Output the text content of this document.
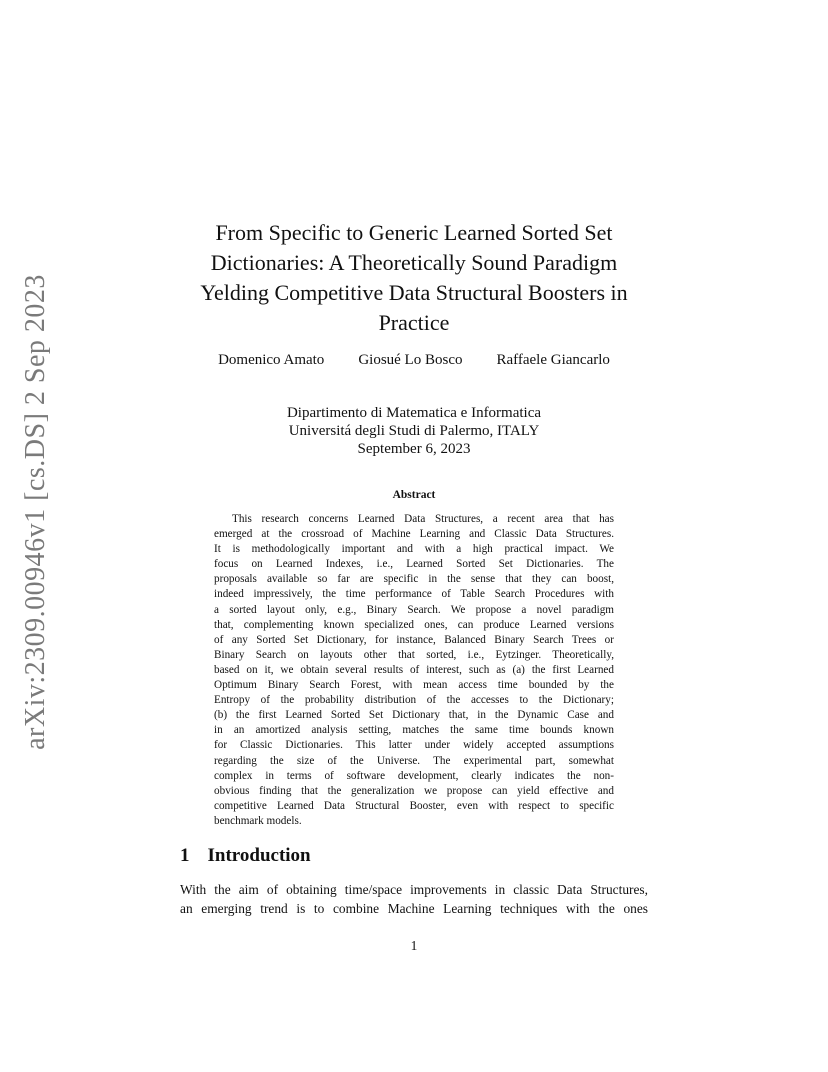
arXiv:2309.00946v1 [cs.DS] 2 Sep 2023
From Specific to Generic Learned Sorted Set
Dictionaries: A Theoretically Sound Paradigm
Yelding Competitive Data Structural Boosters in
Practice
Domenico Amato Giosué Lo Bosco Raffaele Giancarlo
Dipartimento di Matematica e Informatica
Universitá degli Studi di Palermo, ITALY
September 6, 2023
Abstract
This research concerns Learned Data Structures, a recent area that has
emerged at the crossroad of Machine Learning and Classic Data Structures.
It is methodologically important and with a high practical impact. We
focus on Learned Indexes, i.e., Learned Sorted Set Dictionaries. The
proposals available so far are specific in the sense that they can boost,
indeed impressively, the time performance of Table Search Procedures with
a sorted layout only, e.g., Binary Search. We propose a novel paradigm
that, complementing known specialized ones, can produce Learned versions
of any Sorted Set Dictionary, for instance, Balanced Binary Search Trees or
Binary Search on layouts other that sorted, i.e., Eytzinger. Theoretically,
based on it, we obtain several results of interest, such as (a) the first Learned
Optimum Binary Search Forest, with mean access time bounded by the
Entropy of the probability distribution of the accesses to the Dictionary;
(b) the first Learned Sorted Set Dictionary that, in the Dynamic Case and
in an amortized analysis setting, matches the same time bounds known
for Classic Dictionaries. This latter under widely accepted assumptions
regarding the size of the Universe. The experimental part, somewhat
complex in terms of software development, clearly indicates the non-
obvious finding that the generalization we propose can yield effective and
competitive Learned Data Structural Booster, even with respect to specific
benchmark models.
1 Introduction
With the aim of obtaining time/space improvements in classic Data Structures,
an emerging trend is to combine Machine Learning techniques with the ones
1
